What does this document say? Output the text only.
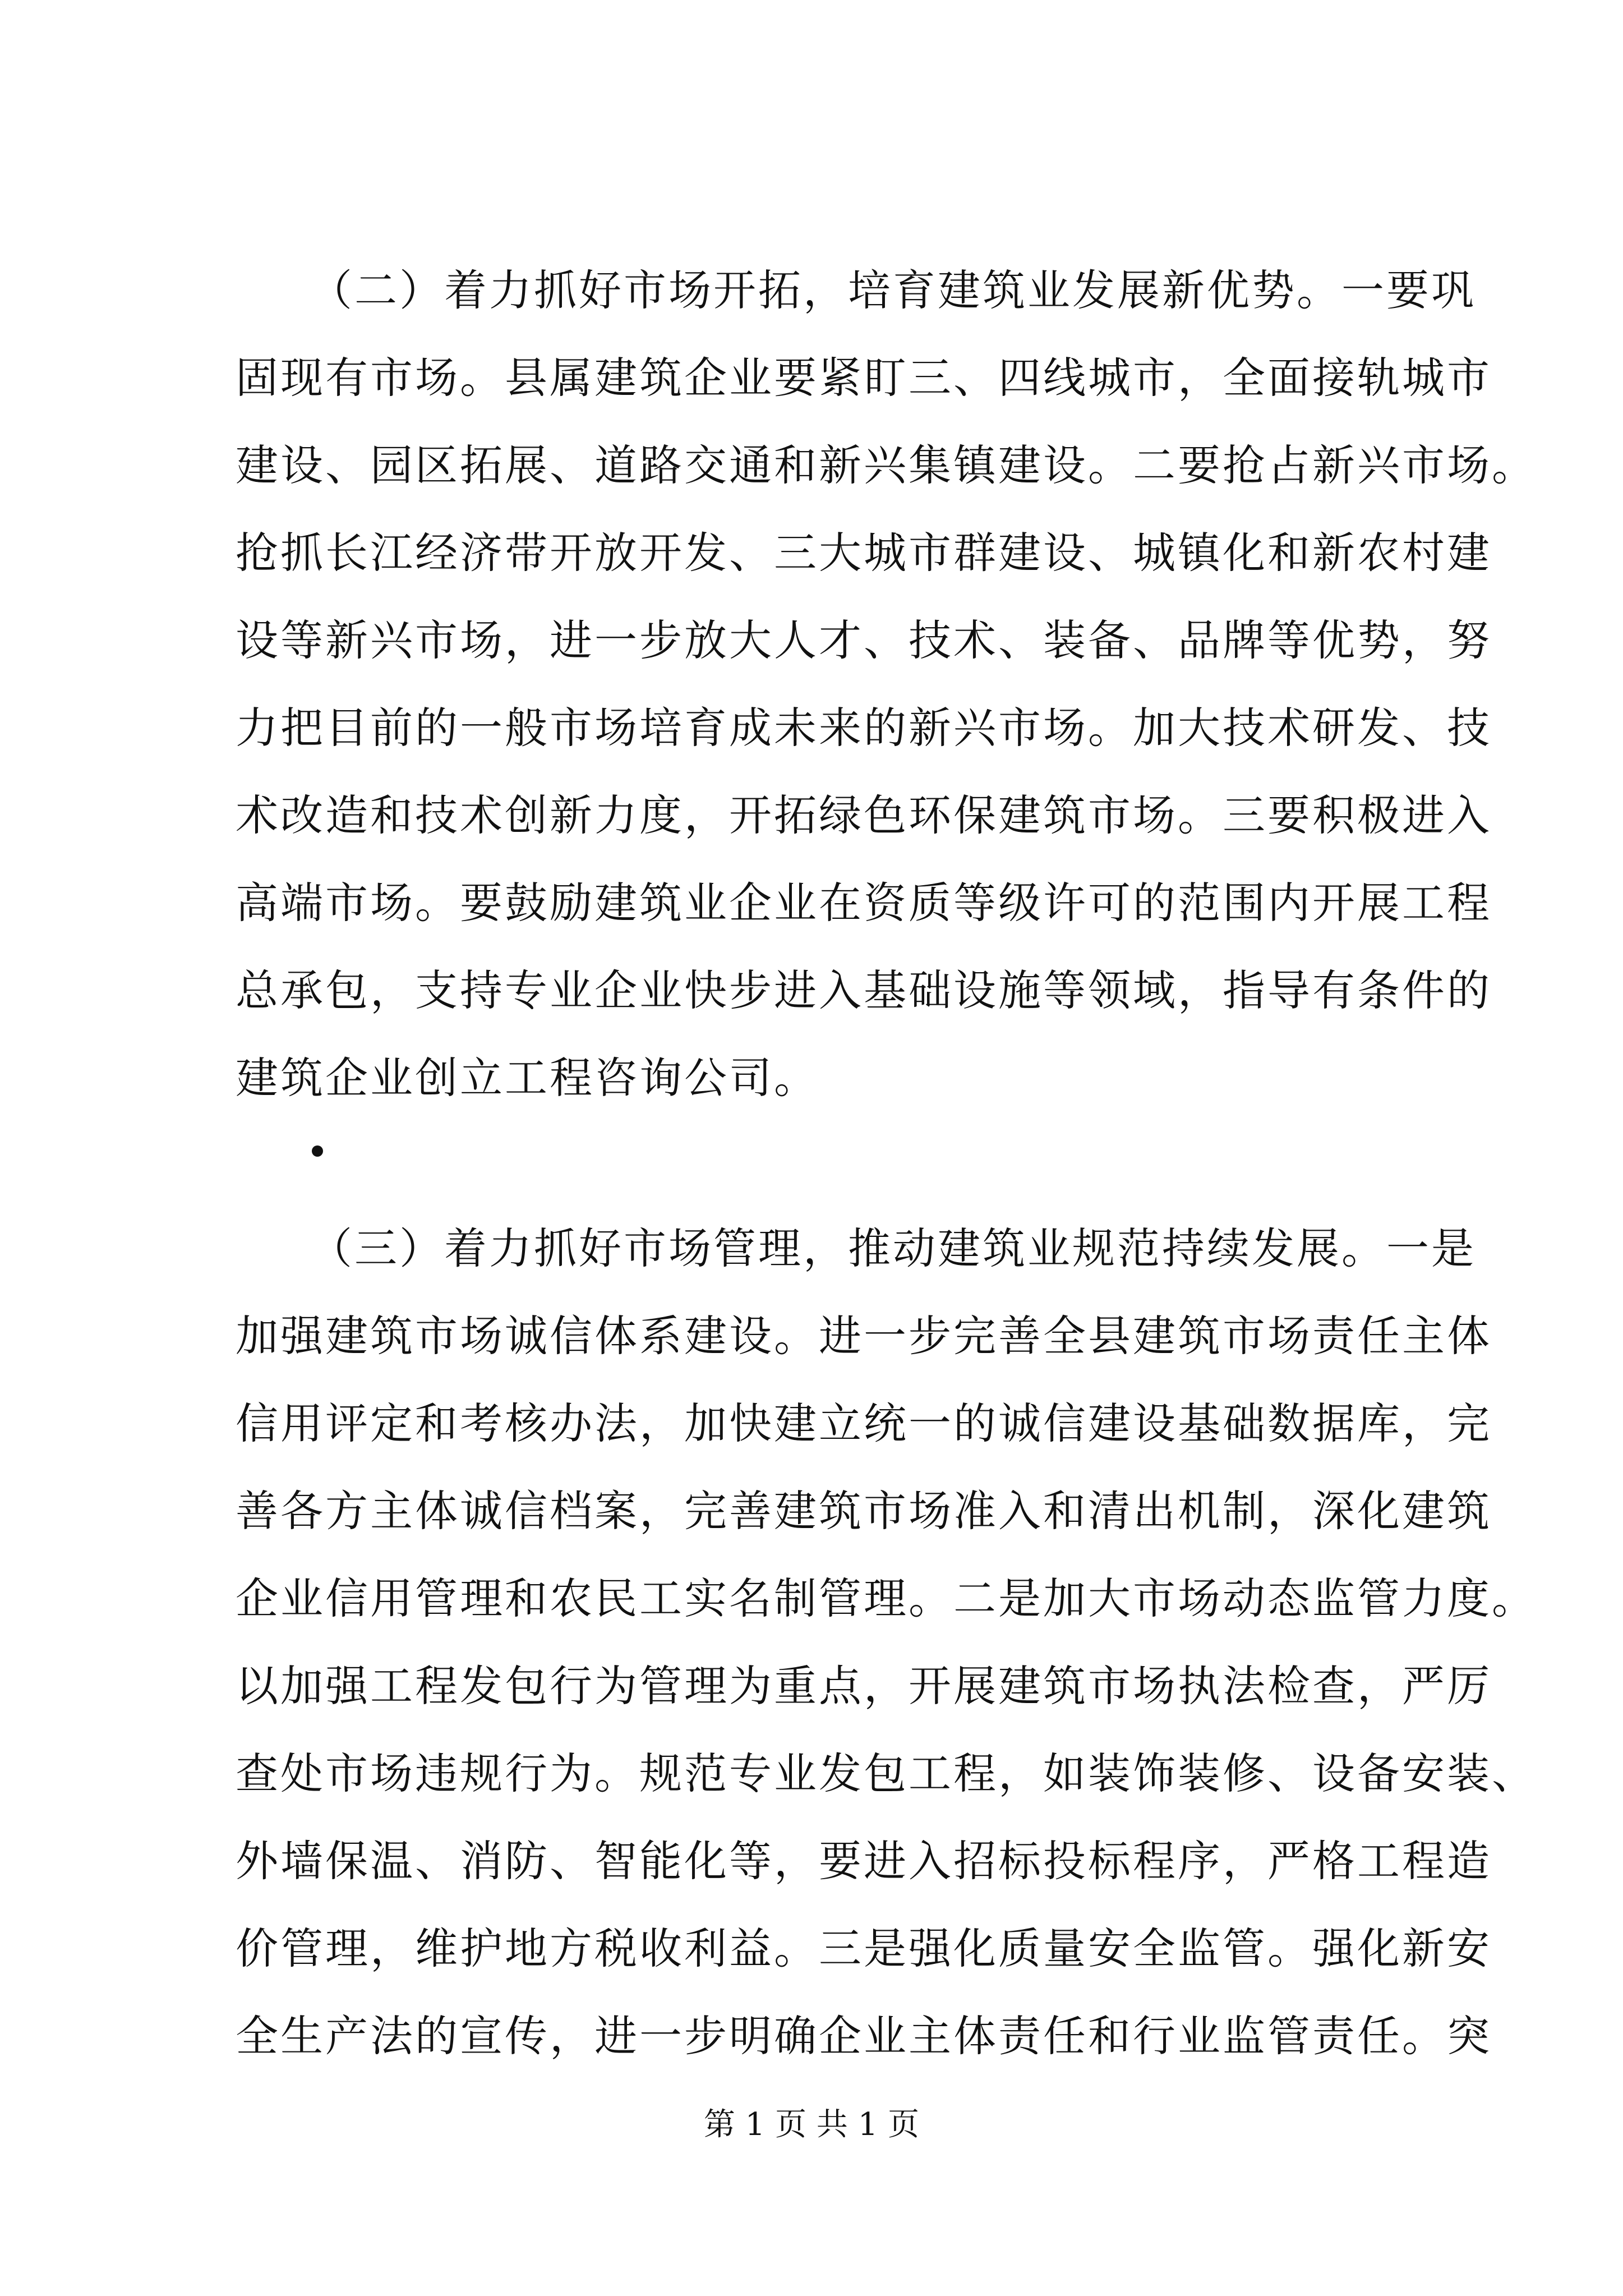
（二）着力抓好市场开拓，培育建筑业发展新优势。一要巩
固现有市场。县属建筑企业要紧盯三、四线城市，全面接轨城市
建设、园区拓展、道路交通和新兴集镇建设。二要抢占新兴市场。
抢抓长江经济带开放开发、三大城市群建设、城镇化和新农村建
设等新兴市场，进一步放大人才、技术、装备、品牌等优势，努
力把目前的一般市场培育成未来的新兴市场。加大技术研发、技
术改造和技术创新力度，开拓绿色环保建筑市场。三要积极进入
高端市场。要鼓励建筑业企业在资质等级许可的范围内开展工程
总承包，支持专业企业快步进入基础设施等领域，指导有条件的
建筑企业创立工程咨询公司。
（三）着力抓好市场管理，推动建筑业规范持续发展。一是
加强建筑市场诚信体系建设。进一步完善全县建筑市场责任主体
信用评定和考核办法，加快建立统一的诚信建设基础数据库，完
善各方主体诚信档案，完善建筑市场准入和清出机制，深化建筑
企业信用管理和农民工实名制管理。二是加大市场动态监管力度。
以加强工程发包行为管理为重点，开展建筑市场执法检查，严厉
查处市场违规行为。规范专业发包工程，如装饰装修、设备安装、
外墙保温、消防、智能化等，要进入招标投标程序，严格工程造
价管理，维护地方税收利益。三是强化质量安全监管。强化新安
全生产法的宣传，进一步明确企业主体责任和行业监管责任。突
第 1 页 共 1 页
